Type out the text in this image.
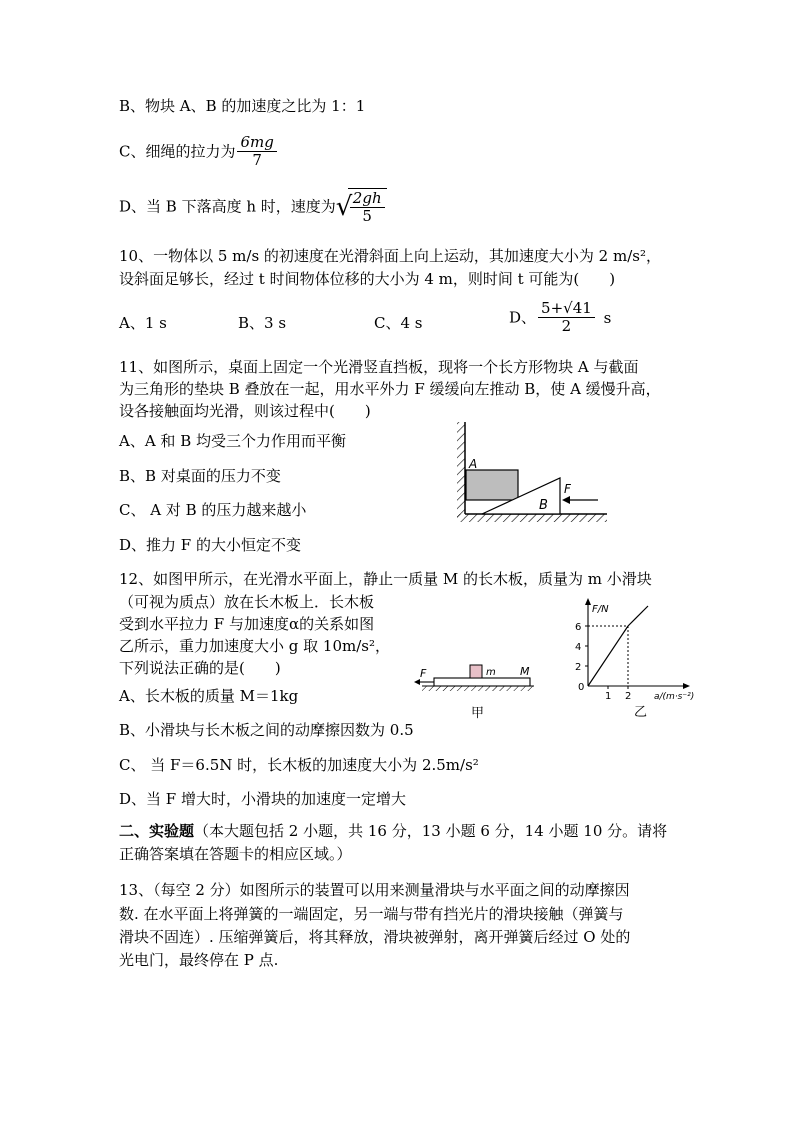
B、物块 A、B 的加速度之比为 1：1
C、细绳的拉力为 $\frac{6mg}{7}$
D、当 B 下落高度 h 时，速度为 √
$\frac{2gh}{5}$
10、一物体以 5 m/s 的初速度在光滑斜面上向上运动，其加速度大小为 2 m/s²，
设斜面足够长，经过 t 时间物体位移的大小为 4 m，则时间 t 可能为(　　)
A、1 s	B、3 s	C、4 s	D、 $\frac{5+√41}{2}$ s
11、如图所示，桌面上固定一个光滑竖直挡板，现将一个长方形物块 A 与截面
为三角形的垫块 B 叠放在一起，用水平外力 F 缓缓向左推动 B，使 A 缓慢升高，
设各接触面均光滑，则该过程中(　　)
A、A 和 B 均受三个力作用而平衡
B、B 对桌面的压力不变
C、 A 对 B 的压力越来越小
D、推力 F 的大小恒定不变
A
B
F
12、如图甲所示，在光滑水平面上，静止一质量 M 的长木板，质量为 m 小滑块
（可视为质点）放在长木板上．长木板
受到水平拉力 F 与加速度α的关系如图
乙所示，重力加速度大小 g 取 10m/s²，
下列说法正确的是(　　)
A、长木板的质量 M＝1kg
B、小滑块与长木板之间的动摩擦因数为 0.5
C、 当 F＝6.5N 时，长木板的加速度大小为 2.5m/s²
D、当 F 增大时，小滑块的加速度一定增大
F	m M
甲
F/N
a/(m·s⁻²)
0
乙
6
4
2
1 2
二、实验题（本大题包括 2 小题，共 16 分，13 小题 6 分，14 小题 10 分。请将
正确答案填在答题卡的相应区域。）
13、（每空 2 分）如图所示的装置可以用来测量滑块与水平面之间的动摩擦因
数. 在水平面上将弹簧的一端固定，另一端与带有挡光片的滑块接触（弹簧与
滑块不固连）. 压缩弹簧后，将其释放，滑块被弹射，离开弹簧后经过 O 处的
光电门，最终停在 P 点.
